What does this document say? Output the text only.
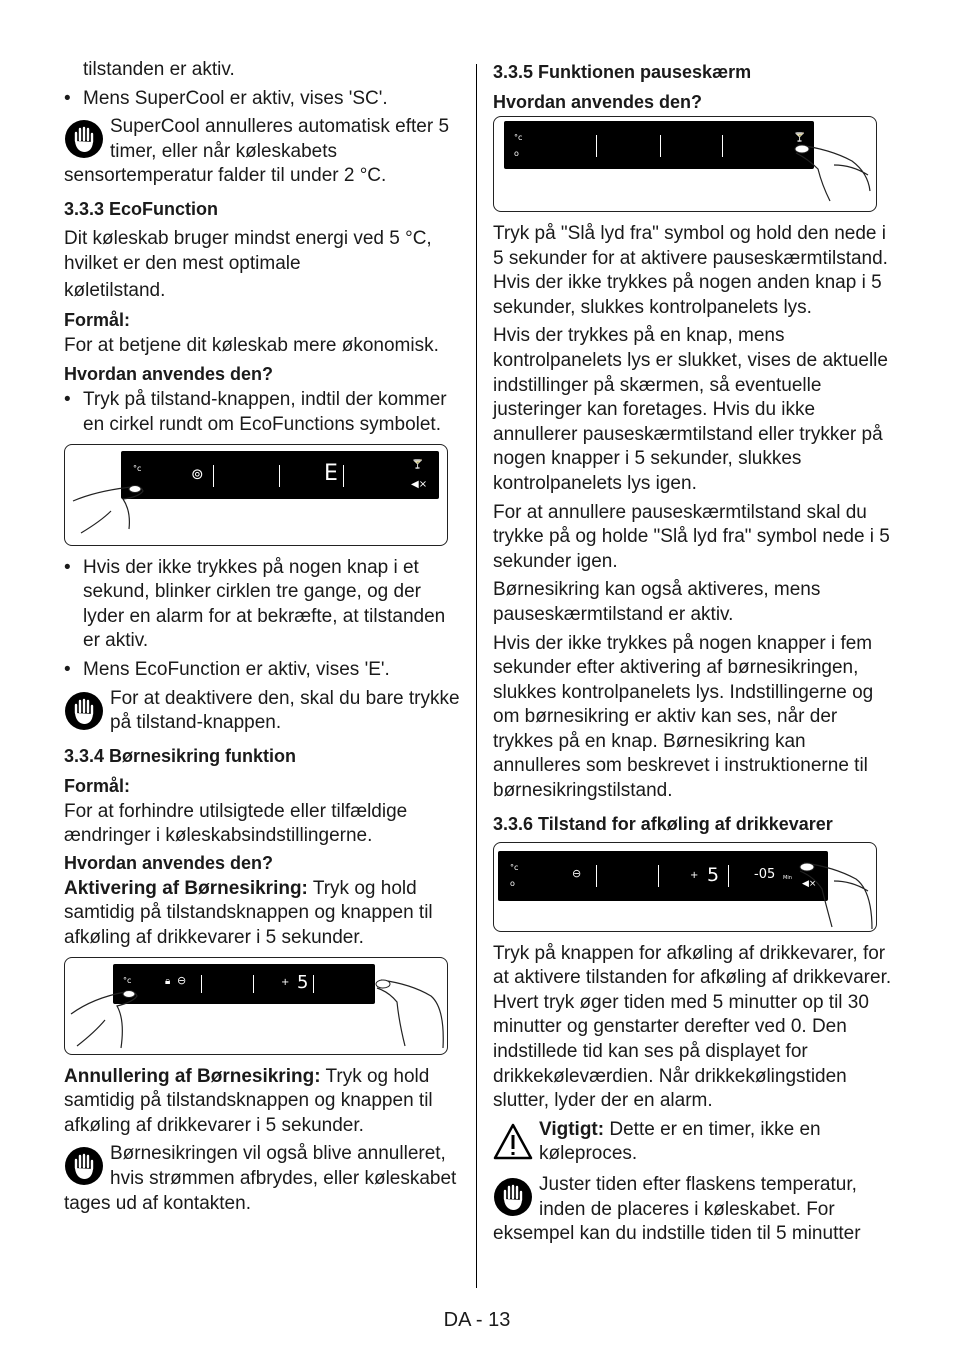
tilstanden er aktiv.

• Mens SuperCool er aktiv, vises 'SC'.
SuperCool annulleres automatisk efter 5 timer, eller når køleskabets sensortemperatur falder til under 2 °C.
3.3.3 EcoFunction

Dit køleskab bruger mindst energi ved 5 °C, hvilket er den mest optimale

køletilstand.

Formål:

For at betjene dit køleskab mere økonomisk.

Hvordan anvendes den?
• Tryk på tilstand-knappen, indtil der kommer en cirkel rundt om EcoFunctions symbolet.
°c	⊚	E	🍸
◀×
• Hvis der ikke trykkes på nogen knap i et sekund, blinker cirklen tre gange, og der lyder en alarm for at bekræfte, at tilstanden er aktiv.
• Mens EcoFunction er aktiv, vises 'E'.
For at deaktivere den, skal du bare trykke på tilstand-knappen.
3.3.4 Børnesikring funktion
Formål:

For at forhindre utilsigtede eller tilfældige ændringer i køleskabsindstillingerne.

Hvordan anvendes den?

Aktivering af Børnesikring: Tryk og hold samtidig på tilstandsknappen og knappen til afkøling af drikkevarer i 5 sekunder.

°c	🔒︎ ⊖	+ 5
◀×

Annullering af Børnesikring: Tryk og hold samtidig på tilstandsknappen og knappen til afkøling af drikkevarer i 5 sekunder.

Børnesikringen vil også blive annulleret, hvis strømmen afbrydes, eller køleskabet tages ud af kontakten.
3.3.5 Funktionen pauseskærm
Hvordan anvendes den?
°c
o
🍸

Tryk på "Slå lyd fra" symbol og hold den nede i 5 sekunder for at aktivere pauseskærmtilstand. Hvis der ikke trykkes på nogen anden knap i 5 sekunder, slukkes kontrolpanelets lys.

Hvis der trykkes på en knap, mens kontrolpanelets lys er slukket, vises de aktuelle indstillinger på skærmen, så eventuelle justeringer kan foretages. Hvis du ikke annullerer pauseskærmtilstand eller trykker på nogen knapper i 5 sekunder, slukkes kontrolpanelets lys igen.

For at annullere pauseskærmtilstand skal du trykke på og holde "Slå lyd fra" symbol nede i 5 sekunder igen.

Børnesikring kan også aktiveres, mens pauseskærmtilstand er aktiv.

Hvis der ikke trykkes på nogen knapper i fem sekunder efter aktivering af børnesikringen, slukkes kontrolpanelets lys. Indstillingerne og om børnesikring er aktiv kan ses, når der trykkes på en knap. Børnesikring kan annulleres som beskrevet i instruktionerne til børnesikringstilstand.

3.3.6 Tilstand for afkøling af drikkevarer
°c
o
⊖	+ 5	-05 Min
◀×

Tryk på knappen for afkøling af drikkevarer, for at aktivere tilstanden for afkøling af drikkevarer. Hvert tryk øger tiden med 5 minutter op til 30 minutter og genstarter derefter ved 0. Den indstillede tid kan ses på displayet for drikkekøleværdien. Når drikkekølingstiden slutter, lyder der en alarm.

Vigtigt: Dette er en timer, ikke en køleproces.
Juster tiden efter flaskens temperatur, inden de placeres i køleskabet. For eksempel kan du indstille tiden til 5 minutter
DA - 13
